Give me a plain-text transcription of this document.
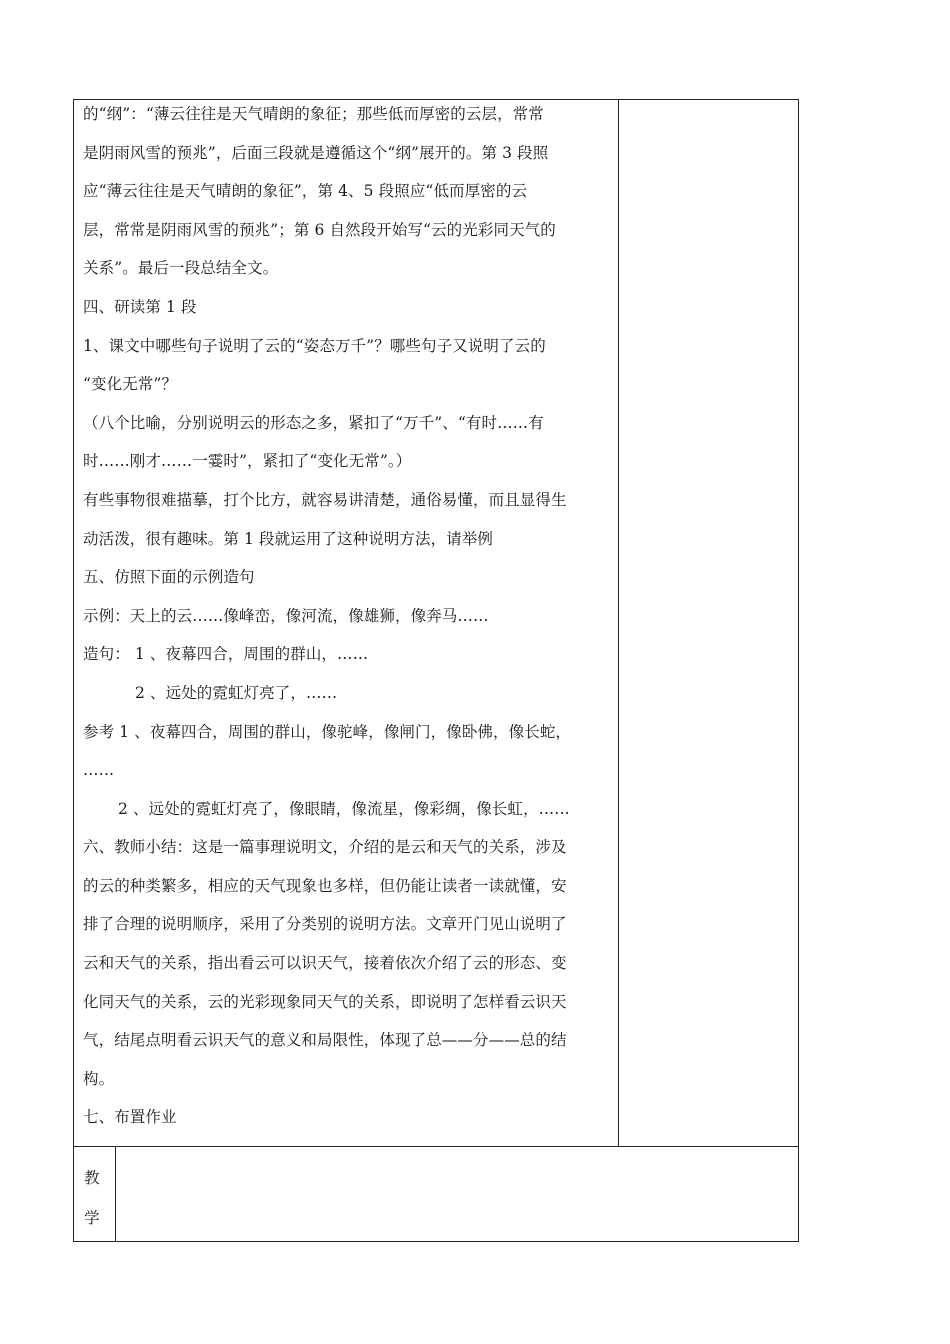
的“纲”：“薄云往往是天气晴朗的象征；那些低而厚密的云层，常常
是阴雨风雪的预兆”，后面三段就是遵循这个“纲”展开的。第 3 段照
应“薄云往往是天气晴朗的象征”，第 4、5 段照应“低而厚密的云
层，常常是阴雨风雪的预兆”；第 6 自然段开始写“云的光彩同天气的
关系”。最后一段总结全文。
四、研读第 1 段
1、课文中哪些句子说明了云的“姿态万千”？哪些句子又说明了云的
“变化无常”？
（八个比喻，分别说明云的形态之多，紧扣了“万千”、“有时……有
时……刚才……一霎时”，紧扣了“变化无常”。）
有些事物很难描摹，打个比方，就容易讲清楚，通俗易懂，而且显得生
动活泼，很有趣味。第 1 段就运用了这种说明方法，请举例
五、仿照下面的示例造句
示例：天上的云……像峰峦，像河流，像雄狮，像奔马……
造句： 1 、夜幕四合，周围的群山，……
2 、远处的霓虹灯亮了，……
参考 1 、夜幕四合，周围的群山，像驼峰，像闸门，像卧佛，像长蛇，
……
2 、远处的霓虹灯亮了，像眼睛，像流星，像彩绸，像长虹，……
六、教师小结：这是一篇事理说明文，介绍的是云和天气的关系，涉及
的云的种类繁多，相应的天气现象也多样，但仍能让读者一读就懂，安
排了合理的说明顺序，采用了分类别的说明方法。文章开门见山说明了
云和天气的关系，指出看云可以识天气，接着依次介绍了云的形态、变
化同天气的关系，云的光彩现象同天气的关系，即说明了怎样看云识天
气，结尾点明看云识天气的意义和局限性，体现了总——分——总的结
构。
七、布置作业
教
学
